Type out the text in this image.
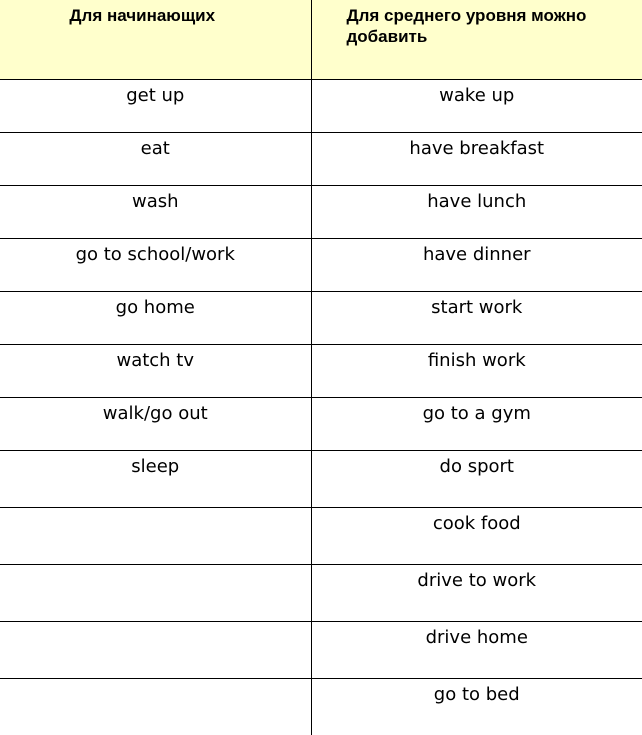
Для начинающих	Для среднего уровня можно добавить
get up	wake up
eat	have breakfast
wash	have lunch
go to school/work	have dinner
go home	start work
watch tv	finish work
walk/go out	go to a gym
sleep	do sport
	cook food
	drive to work
	drive home
	go to bed
